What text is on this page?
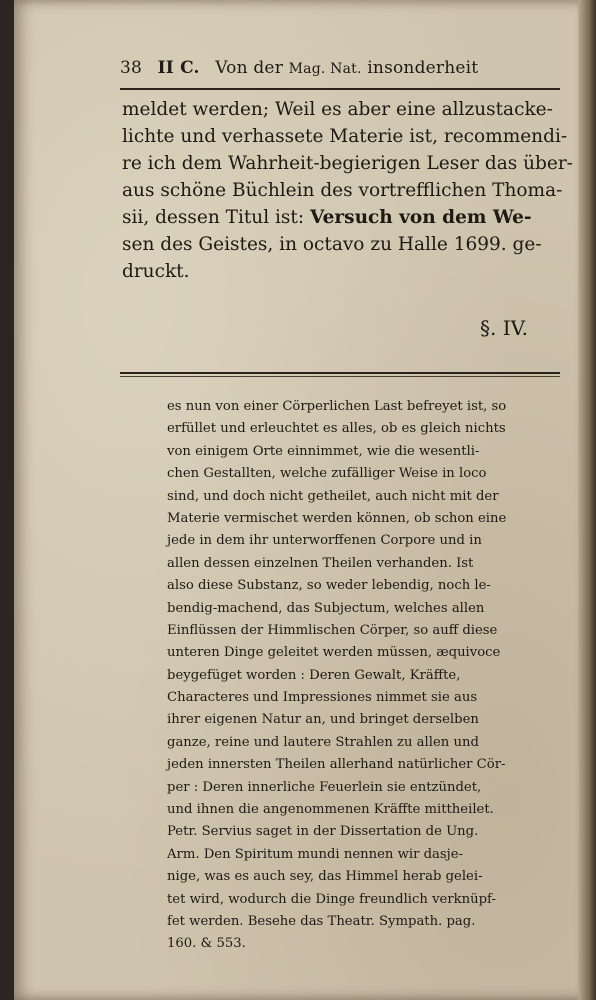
38 II C. Von der Mag. Nat. insonderheit
meldet werden; Weil es aber eine allzustacke-
lichte und verhassete Materie ist, recommendi-
re ich dem Wahrheit-begierigen Leser das über-
aus schöne Büchlein des vortrefflichen Thoma-
sii, dessen Titul ist: Versuch von dem We-
sen des Geistes, in octavo zu Halle 1699. ge-
druckt.
§. IV.
es nun von einer Cörperlichen Last befreyet ist, so
erfüllet und erleuchtet es alles, ob es gleich nichts
von einigem Orte einnimmet, wie die wesentli-
chen Gestallten, welche zufälliger Weise in loco
sind, und doch nicht getheilet, auch nicht mit der
Materie vermischet werden können, ob schon eine
jede in dem ihr unterworffenen Corpore und in
allen dessen einzelnen Theilen verhanden. Ist
also diese Substanz, so weder lebendig, noch le-
bendig-machend, das Subjectum, welches allen
Einflüssen der Himmlischen Cörper, so auff diese
unteren Dinge geleitet werden müssen, æquivoce
beygefüget worden : Deren Gewalt, Kräffte,
Characteres und Impressiones nimmet sie aus
ihrer eigenen Natur an, und bringet derselben
ganze, reine und lautere Strahlen zu allen und
jeden innersten Theilen allerhand natürlicher Cör-
per : Deren innerliche Feuerlein sie entzündet,
und ihnen die angenommenen Kräffte mittheilet.
Petr. Servius saget in der Dissertation de Ung.
Arm. Den Spiritum mundi nennen wir dasje-
nige, was es auch sey, das Himmel herab gelei-
tet wird, wodurch die Dinge freundlich verknüpf-
fet werden. Besehe das Theatr. Sympath. pag.
160. & 553.
